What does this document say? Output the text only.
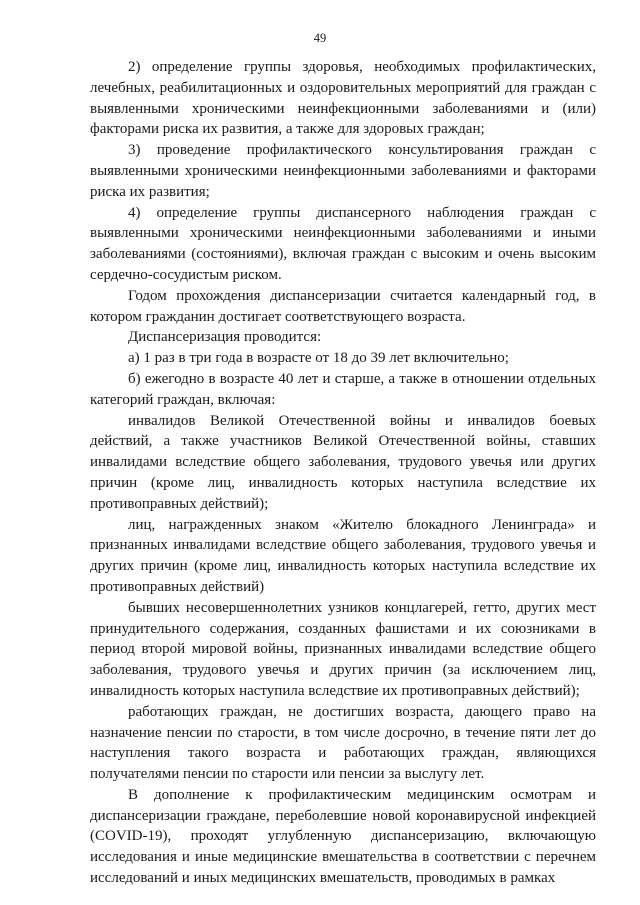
49

2) определение группы здоровья, необходимых профилактических, лечебных, реабилитационных и оздоровительных мероприятий для граждан с выявленными хроническими неинфекционными заболеваниями и (или) факторами риска их развития, а также для здоровых граждан;

3) проведение профилактического консультирования граждан с выявленными хроническими неинфекционными заболеваниями и факторами риска их развития;

4) определение группы диспансерного наблюдения граждан с выявленными хроническими неинфекционными заболеваниями и иными заболеваниями (состояниями), включая граждан с высоким и очень высоким сердечно-сосудистым риском.

Годом прохождения диспансеризации считается календарный год, в котором гражданин достигает соответствующего возраста.

Диспансеризация проводится:

а) 1 раз в три года в возрасте от 18 до 39 лет включительно;

б) ежегодно в возрасте 40 лет и старше, а также в отношении отдельных категорий граждан, включая:

инвалидов Великой Отечественной войны и инвалидов боевых действий, а также участников Великой Отечественной войны, ставших инвалидами вследствие общего заболевания, трудового увечья или других причин (кроме лиц, инвалидность которых наступила вследствие их противоправных действий);

лиц, награжденных знаком «Жителю блокадного Ленинграда» и признанных инвалидами вследствие общего заболевания, трудового увечья и других причин (кроме лиц, инвалидность которых наступила вследствие их противоправных действий)

бывших несовершеннолетних узников концлагерей, гетто, других мест принудительного содержания, созданных фашистами и их союзниками в период второй мировой войны, признанных инвалидами вследствие общего заболевания, трудового увечья и других причин (за исключением лиц, инвалидность которых наступила вследствие их противоправных действий);

работающих граждан, не достигших возраста, дающего право на назначение пенсии по старости, в том числе досрочно, в течение пяти лет до наступления такого возраста и работающих граждан, являющихся получателями пенсии по старости или пенсии за выслугу лет.

В дополнение к профилактическим медицинским осмотрам и диспансеризации граждане, переболевшие новой коронавирусной инфекцией (COVID-19), проходят углубленную диспансеризацию, включающую исследования и иные медицинские вмешательства в соответствии с перечнем исследований и иных медицинских вмешательств, проводимых в рамках
